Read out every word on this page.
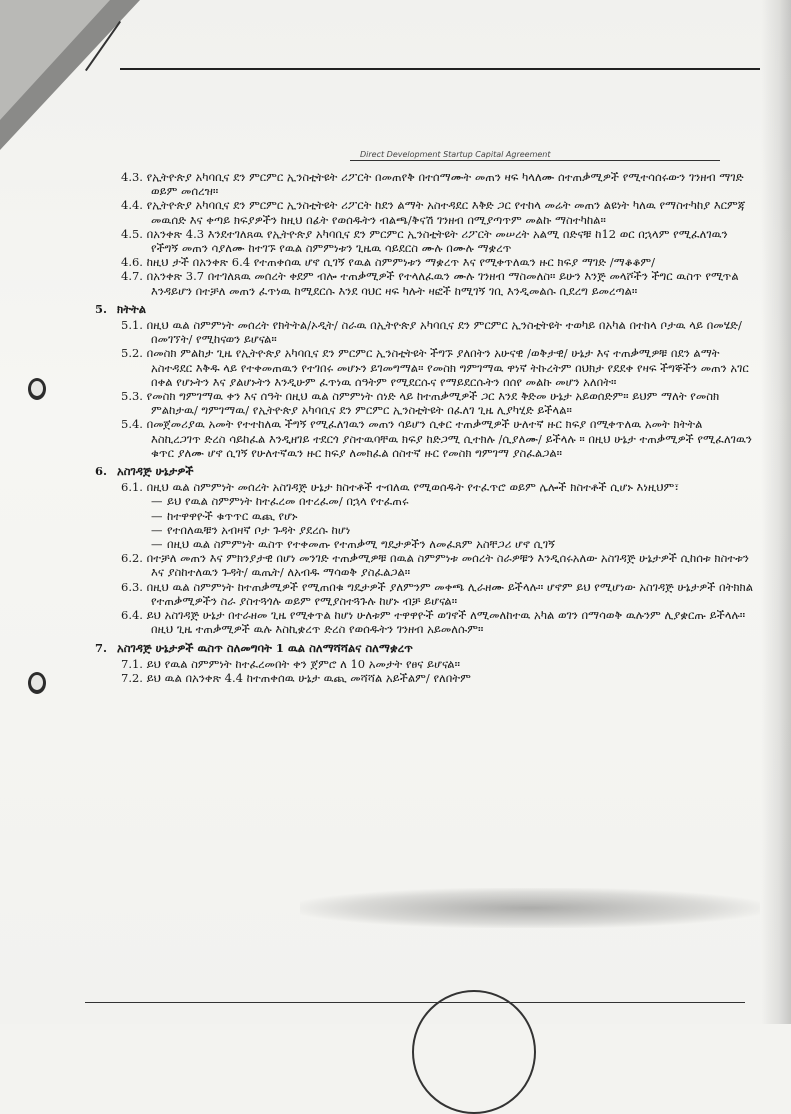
Direct Development Startup Capital Agreement
4.3. የኢትዮጵያ አካባቢና ደን ምርምር ኢንስቲትዩት ሪፖርት በመጠየቅ በተሰማሙት መጠን ዛፍ ካላለሙ ሰተጠቃሚዎች የሚተሳሰሩውን ገንዘብ ማገድ ወይም መሰረዝ።
4.4. የኢትዮጵያ አካባቢና ደን ምርምር ኢንስቲትዩት ሪፖርት ከደን ልማት አስተዳደር እቅድ ጋር የተከላ መሬት መጠን ልዩነት ካለዉ የማስተካከያ እርምጃ መዉሰድ እና ቀጣይ ክፍያዎችን ከዚህ በፊት የወሰዱትን ብልጫ/ቅናሽ ገንዘብ በሚያጣጥም መልኩ ማስተካከል።
4.5. በአንቀጽ 4.3 እንደተገለጸዉ የኢትዮጵያ አካባቢና ደን ምርምር ኢንስቲትዩት ሪፖርት መሠረት አልሚ በድናቹ ከ12 ወር በኋላም የሚፈለገዉን የችግኝ መጠን ሳያለሙ ከተገኙ የዉል ስምምነቱን ጊዜዉ ሳይደርስ ሙሉ በሙሉ ማቋረጥ
4.6. ከዚህ ታች በአንቀጽ 6.4 የተጠቀሰዉ ሆኖ ሲገኝ የዉል ስምምነቱን ማቋረጥ እና የሚቀጥለዉን ዙር ክፍያ ማገድ /ማቆቆም/
4.7. በአንቀጽ 3.7 በተገለጸዉ መሰረት ቀደም ብሎ ተጠቃሚዎች የተላለፈዉን ሙሉ ገንዘብ ማስመለስ። ይሁን እንጅ መላሾችን ችግር ዉስጥ የሚጥል እንዳይሆን በተቻለ መጠን ፈጥነዉ ከሚደርሱ እንደ ባህር ዛፍ ካሉት ዛፎች ከሚገኝ ገቢ እንዲመልሱ ቢደረግ ይመረጣል።
5. ክትትል
5.1. በዚህ ዉል ስምምነት መሰረት የክትትል/ኦዲት/ ስራዉ በኢትዮጵያ አካባቢና ደን ምርምር ኢንስቲትዩት ተወካይ በአካል በተከላ ቦታዉ ላይ በመሄድ/በመገኘት/ የሚከናወን ይሆናል።
5.2. በመስክ ምልከታ ጊዜ የኢትዮጵያ አካባቢና ደን ምርምር ኢንስቲትዩት ችግኙ ያለበትን አሁናዊ /ወቅታዊ/ ሁኔታ እና ተጠቃሚዎቹ በደን ልማት አስተዳደር እቅዱ ላይ የተቀመጠዉን የተገበሩ መሆኑን ይገመግማል። የመስክ ግምገማዉ ዋነኛ ትኩረትም በህክታ የደደቀ የዛፍ ችግኞችን መጠን አገር በቀል የሆኑትን እና ያልሆኑትን እንዲሁም ፈጥነዉ ሰዓትም የሚደርሱና የማይደርሱትን በሰየ መልኩ መሆን አለበት።
5.3. የመስክ ግምገማዉ ቀን እና ሰዓት በዚህ ዉል ስምምነት ሰነድ ላይ ከተጠቃሚዎች ጋር እንደ ቅድመ ሁኔታ አይወሰድም። ይህም ማለት የመስክ ምልከታዉ/ ግምገማዉ/ የኢትዮጵያ አካባቢና ደን ምርምር ኢንስቲትዩት በፈለገ ጊዜ ሊያካሂድ ይችላል።
5.4. በመጀመሪያዉ አመት የተተከለዉ ችግኝ የሚፈለገዉን መጠን ሳይሆን ሲቀር ተጠቃሚዎች ሁለተኛ ዙር ክፍያ በሚቀጥለዉ አመት ክትትል እስኪረጋገጥ ድረስ ሳይከፈል እንዲዘገይ ተደርጎ ያስተዉባቸዉ ክፍያ ከድጋሚ ሲተክሉ /ሲያለሙ/ ይችላሉ ። በዚህ ሁኔታ ተጠቃሚዎች የሚፈለገዉን ቁጥር ያለሙ ሆኖ ሲገኝ የሁለተኛዉን ዙር ክፍያ ለመክፈል ሰስተኛ ዙር የመስክ ግምገማ ያስፈልጋል።
6. አስገዳጅ ሁኔታዎች
6.1. በዚህ ዉል ስምምነት መሰረት አስገዳጅ ሁኔታ ክስተቶች ተብለዉ የሚወሰዱት የተፈጥሮ ወይም ሌሎች ክስተቶች ሲሆኑ እነዚህም፣
— ይህ የዉል ስምምነት ከተፈረመ በተረፈመ/ በኋላ የተፈጠሩ
— ከተዋዋዮች ቁጥጥር ዉጪ የሆኑ
— የተበለዉቹን አብዛኛ ቦታ ጉዳት ያደረሱ ከሆነ
— በዚህ ዉል ስምምነት ዉስጥ የተቀመጡ የተጠቃሚ ግዴታዎችን ለመፈጸም አስቸጋሪ ሆኖ ሲገኝ
6.2. በተቻለ መጠን እና ምክንያታዊ በሆነ መንገድ ተጠቃሚዎቹ በዉል ስምምነቱ መሰረት ስራዎቹን እንዲሰሩአለው አስገዳጅ ሁኔታዎች ሲከሰቱ ክስተቱን እና ያስከተለዉን ጉዳት/ ዉጤት/ ለአብዱ ማሳወቅ ያስፈልጋል።
6.3. በዚህ ዉል ስምምነት ከተጠቃሚዎች የሚጠበቁ ግዴታዎች ያለምንም መቀጫ ሊራዘሙ ይችላሉ። ሆኖም ይህ የሚሆነው አስገዳጅ ሁኔታዎች በትክክል የተጠቃሚዎችን ስራ ያስተጓጎሉ ወይም የሚያስተጓጉሉ ከሆኑ ብቻ ይሆናል።
6.4. ይህ አስገዳጅ ሁኔታ በተራዘመ ጊዜ የሚቀጥል ከሆነ ሁለቱም ተዋዋዮች ወገኖች ለሚመለከተዉ አካል ወገን በማሳወቅ ዉሉንም ሊያቋርጡ ይችላሉ። በዚህ ጊዜ ተጠቃሚዎች ዉሉ እስኪቋረጥ ድረስ የወሰዱትን ገንዘብ አይመለሱም።
7. አስገዳጅ ሁኔታዎች ዉስጥ ስለመግባት 1 ዉል ስለማሻሻልና ስለማቋረጥ
7.1. ይህ የዉል ስምምነት ከተፈረመበት ቀን ጀምሮ ለ 10 አመታት የፀና ይሆናል።
7.2. ይህ ዉል በአንቀጽ 4.4 ከተጠቀሰዉ ሁኔታ ዉጪ መሻሻል አይችልም/ የለበትም
